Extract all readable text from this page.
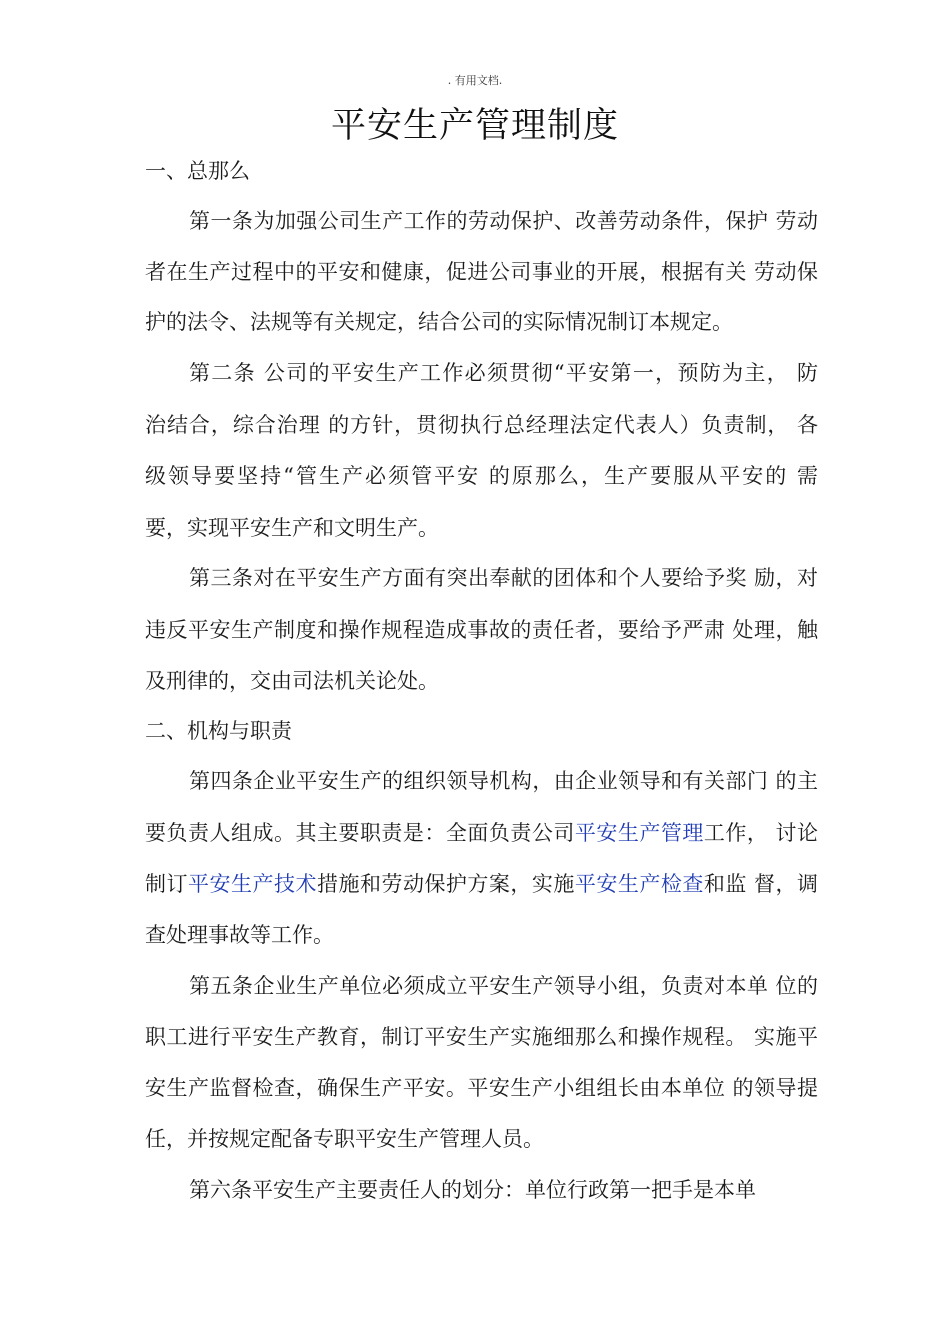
. 有用文档.
平安生产管理制度
一、总那么
第一条为加强公司生产工作的劳动保护、改善劳动条件，保护 劳动
者在生产过程中的平安和健康，促进公司事业的开展，根据有关 劳动保
护的法令、法规等有关规定，结合公司的实际情况制订本规定。
第二条 公司的平安生产工作必须贯彻“平安第一，预防为主， 防
治结合，综合治理 的方针，贯彻执行总经理法定代表人）负责制， 各
级领导要坚持“管生产必须管平安 的原那么，生产要服从平安的 需
要，实现平安生产和文明生产。
第三条对在平安生产方面有突出奉献的团体和个人要给予奖 励，对
违反平安生产制度和操作规程造成事故的责任者，要给予严肃 处理，触
及刑律的，交由司法机关论处。
二、机构与职责
第四条企业平安生产的组织领导机构，由企业领导和有关部门 的主
要负责人组成。其主要职责是：全面负责公司平安生产管理工作， 讨论
制订平安生产技术措施和劳动保护方案，实施平安生产检查和监 督，调
查处理事故等工作。
第五条企业生产单位必须成立平安生产领导小组，负责对本单 位的
职工进行平安生产教育，制订平安生产实施细那么和操作规程。 实施平
安生产监督检查，确保生产平安。平安生产小组组长由本单位 的领导提
任，并按规定配备专职平安生产管理人员。
第六条平安生产主要责任人的划分：单位行政第一把手是本单
